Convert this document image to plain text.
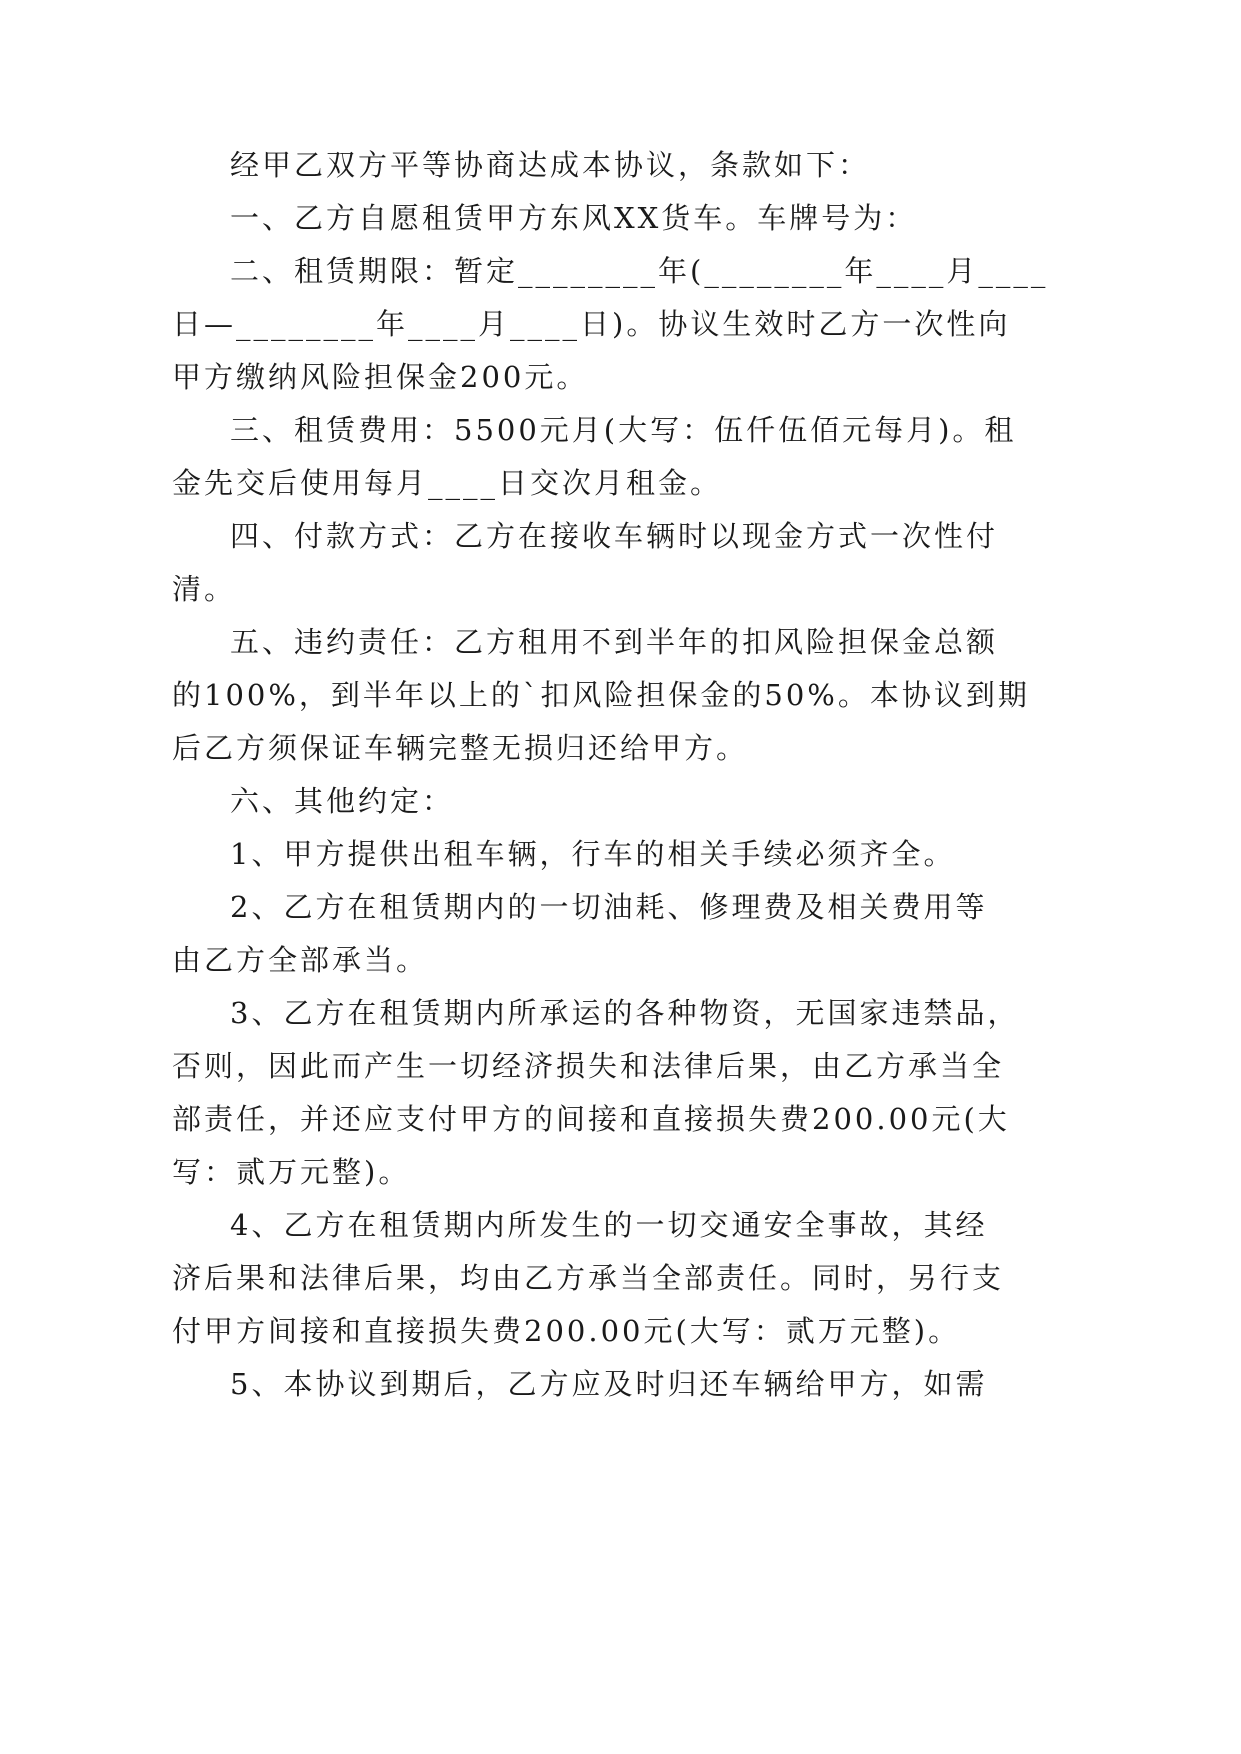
经甲乙双方平等协商达成本协议，条款如下：
一、乙方自愿租赁甲方东风XX货车。车牌号为：
二、租赁期限：暂定________年(________年____月____
日—________年____月____日)。协议生效时乙方一次性向
甲方缴纳风险担保金200元。
三、租赁费用：5500元月(大写：伍仟伍佰元每月)。租
金先交后使用每月____日交次月租金。
四、付款方式：乙方在接收车辆时以现金方式一次性付
清。
五、违约责任：乙方租用不到半年的扣风险担保金总额
的100%，到半年以上的`扣风险担保金的50%。本协议到期
后乙方须保证车辆完整无损归还给甲方。
六、其他约定：
1、甲方提供出租车辆，行车的相关手续必须齐全。
2、乙方在租赁期内的一切油耗、修理费及相关费用等
由乙方全部承当。
3、乙方在租赁期内所承运的各种物资，无国家违禁品，
否则，因此而产生一切经济损失和法律后果，由乙方承当全
部责任，并还应支付甲方的间接和直接损失费200.00元(大
写：贰万元整)。
4、乙方在租赁期内所发生的一切交通安全事故，其经
济后果和法律后果，均由乙方承当全部责任。同时，另行支
付甲方间接和直接损失费200.00元(大写：贰万元整)。
5、本协议到期后，乙方应及时归还车辆给甲方，如需
